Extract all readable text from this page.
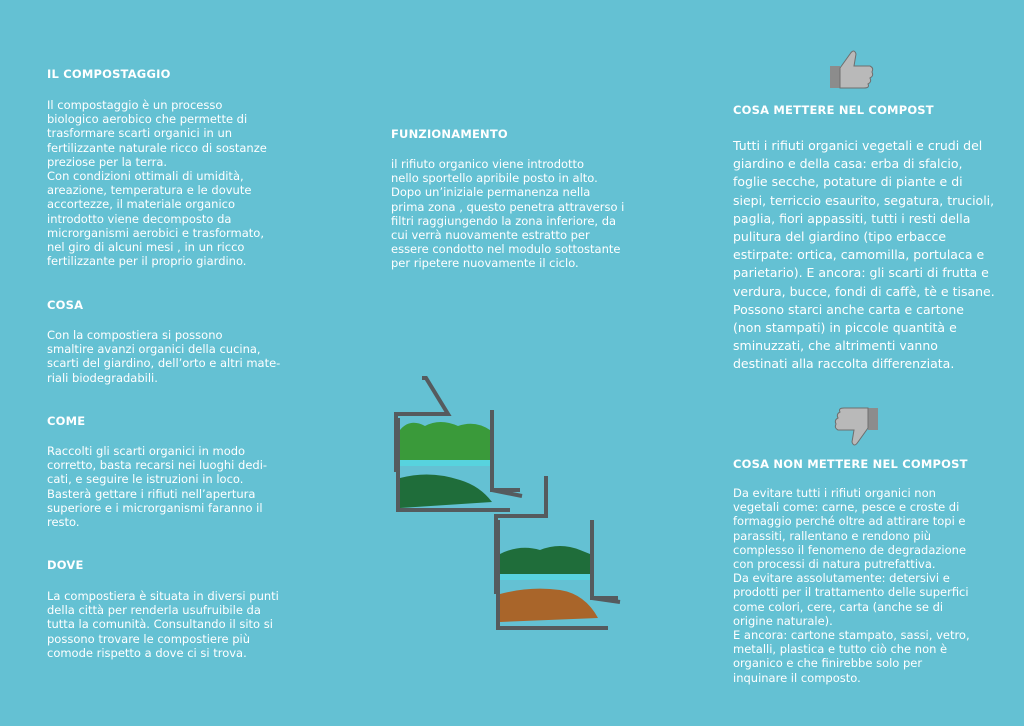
IL COMPOSTAGGIO

Il compostaggio è un processo
biologico aerobico che permette di
trasformare scarti organici in un
fertilizzante naturale ricco di sostanze
preziose per la terra.
Con condizioni ottimali di umidità,
areazione, temperatura e le dovute
accortezze, il materiale organico
introdotto viene decomposto da
microrganismi aerobici e trasformato,
nel giro di alcuni mesi , in un ricco
fertilizzante per il proprio giardino.

COSA

Con la compostiera si possono
smaltire avanzi organici della cucina,
scarti del giardino, dell’orto e altri mate-
riali biodegradabili.

COME

Raccolti gli scarti organici in modo
corretto, basta recarsi nei luoghi dedi-
cati, e seguire le istruzioni in loco.
Basterà gettare i rifiuti nell’apertura
superiore e i microrganismi faranno il
resto.

DOVE

La compostiera è situata in diversi punti
della città per renderla usufruibile da
tutta la comunità. Consultando il sito si
possono trovare le compostiere più
comode rispetto a dove ci si trova.

FUNZIONAMENTO

il rifiuto organico viene introdotto
nello sportello apribile posto in alto.
Dopo un’iniziale permanenza nella
prima zona , questo penetra attraverso i
filtri raggiungendo la zona inferiore, da
cui verrà nuovamente estratto per
essere condotto nel modulo sottostante
per ripetere nuovamente il ciclo.

COSA METTERE NEL COMPOST

Tutti i rifiuti organici vegetali e crudi del
giardino e della casa: erba di sfalcio,
foglie secche, potature di piante e di
siepi, terriccio esaurito, segatura, trucioli,
paglia, fiori appassiti, tutti i resti della
pulitura del giardino (tipo erbacce
estirpate: ortica, camomilla, portulaca e
parietario). E ancora: gli scarti di frutta e
verdura, bucce, fondi di caffè, tè e tisane.
Possono starci anche carta e cartone
(non stampati) in piccole quantità e
sminuzzati, che altrimenti vanno
destinati alla raccolta differenziata.

COSA NON METTERE NEL COMPOST

Da evitare tutti i rifiuti organici non
vegetali come: carne, pesce e croste di
formaggio perché oltre ad attirare topi e
parassiti, rallentano e rendono più
complesso il fenomeno de degradazione
con processi di natura putrefattiva.
Da evitare assolutamente: detersivi e
prodotti per il trattamento delle superfici
come colori, cere, carta (anche se di
origine naturale).
E ancora: cartone stampato, sassi, vetro,
metalli, plastica e tutto ciò che non è
organico e che finirebbe solo per
inquinare il composto.
